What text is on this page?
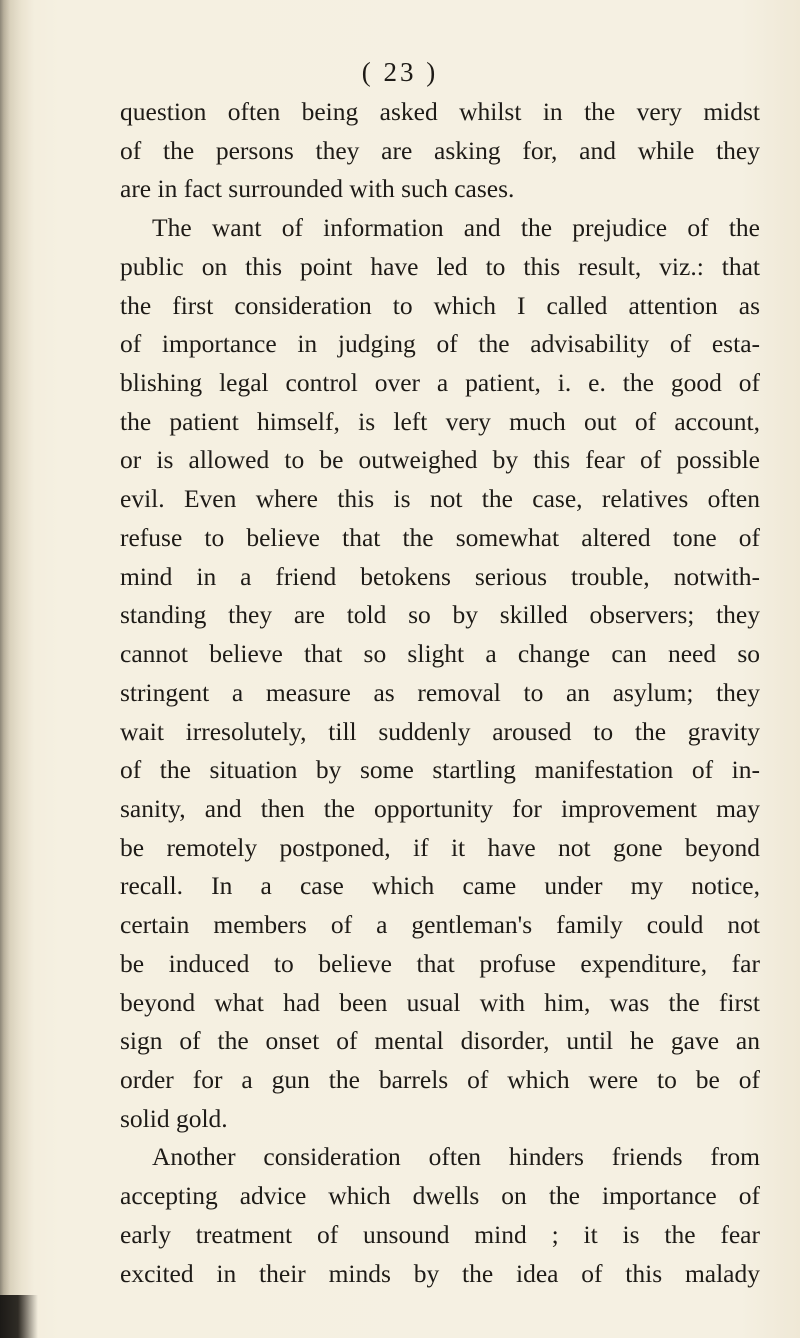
( 23 )
question often being asked whilst in the very midst
of the persons they are asking for, and while they
are in fact surrounded with such cases.
The want of information and the prejudice of the
public on this point have led to this result, viz.: that
the first consideration to which I called attention as
of importance in judging of the advisability of esta-
blishing legal control over a patient, i. e. the good of
the patient himself, is left very much out of account,
or is allowed to be outweighed by this fear of possible
evil. Even where this is not the case, relatives often
refuse to believe that the somewhat altered tone of
mind in a friend betokens serious trouble, notwith-
standing they are told so by skilled observers; they
cannot believe that so slight a change can need so
stringent a measure as removal to an asylum; they
wait irresolutely, till suddenly aroused to the gravity
of the situation by some startling manifestation of in-
sanity, and then the opportunity for improvement may
be remotely postponed, if it have not gone beyond
recall. In a case which came under my notice,
certain members of a gentleman's family could not
be induced to believe that profuse expenditure, far
beyond what had been usual with him, was the first
sign of the onset of mental disorder, until he gave an
order for a gun the barrels of which were to be of
solid gold.
Another consideration often hinders friends from
accepting advice which dwells on the importance of
early treatment of unsound mind ; it is the fear
excited in their minds by the idea of this malady
